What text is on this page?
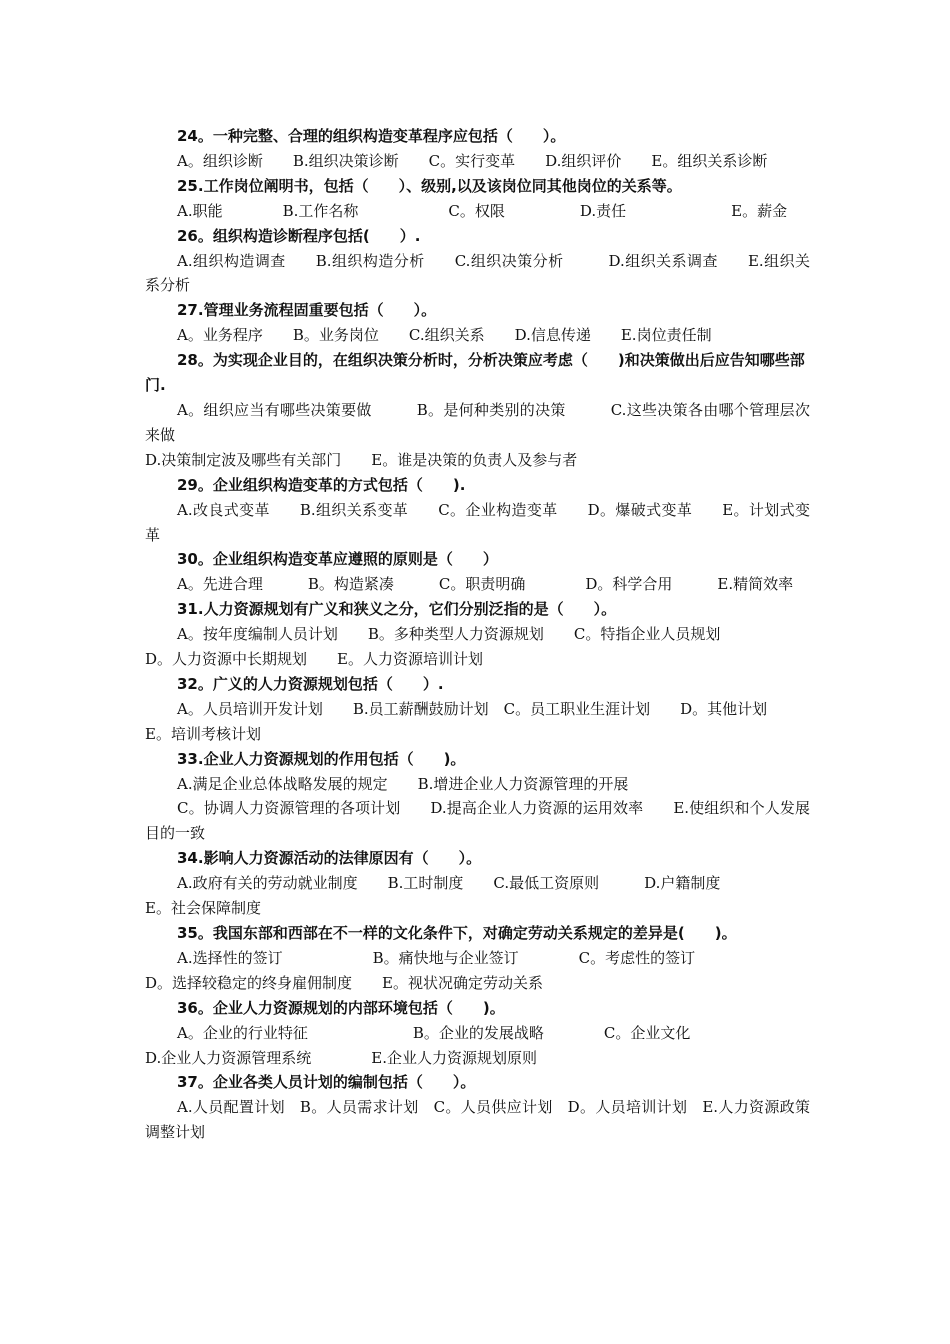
24。一种完整、合理的组织构造变革程序应包括（　　）。
A。组织诊断   B.组织决策诊断   C。实行变革   D.组织评价   E。组织关系诊断
25.工作岗位阐明书，包括（　　）、级别,以及该岗位同其他岗位的关系等。
A.职能    	B.工作名称      	C。权限     	D.责任       	E。薪金
26。组织构造诊断程序包括(　　）.
A.组织构造调查   B.组织构造分析   C.组织决策分析   	D.组织关系调查   E.组织关系分析
27.管理业务流程固重要包括（　　）。
A。业务程序   B。业务岗位   C.组织关系   D.信息传递   E.岗位责任制
28。为实现企业目的，在组织决策分析时，分析决策应考虑（　　)和决策做出后应告知哪些部门.
A。组织应当有哪些决策要做   	B。是何种类别的决策   	C.这些决策各由哪个管理层次来做
D.决策制定波及哪些有关部门   E。谁是决策的负责人及参与者
29。企业组织构造变革的方式包括（　　).
A.改良式变革   B.组织关系变革   C。企业构造变革   D。爆破式变革   E。计划式变革
30。企业组织构造变革应遵照的原则是（　　）
A。先进合理   	B。构造紧凑   	C。职责明确    	D。科学合用   	E.精简效率
31.人力资源规划有广义和狭义之分，它们分别泛指的是（　　）。
A。按年度编制人员计划   B。多种类型人力资源规划   C。特指企业人员规划
D。人力资源中长期规划   E。人力资源培训计划
32。广义的人力资源规划包括（　　）.
A。人员培训开发计划   B.员工薪酬鼓励计划  C。员工职业生涯计划   D。其他计划
E。培训考核计划
33.企业人力资源规划的作用包括（　　)。
A.满足企业总体战略发展的规定   B.增进企业人力资源管理的开展
C。协调人力资源管理的各项计划   D.提高企业人力资源的运用效率   E.使组织和个人发展目的一致
34.影响人力资源活动的法律原因有（　　）。
A.政府有关的劳动就业制度   B.工时制度   C.最低工资原则   	D.户籍制度
E。社会保障制度
35。我国东部和西部在不一样的文化条件下，对确定劳动关系规定的差异是(　　)。
A.选择性的签订      	B。痛快地与企业签订    	C。考虑性的签订
D。选择较稳定的终身雇佣制度   E。视状况确定劳动关系
36。企业人力资源规划的内部环境包括（　　)。
A。企业的行业特征       	B。企业的发展战略    	C。企业文化
D.企业人力资源管理系统    	E.企业人力资源规划原则
37。企业各类人员计划的编制包括（　　）。
A.人员配置计划  B。人员需求计划  C。人员供应计划  D。人员培训计划  E.人力资源政策调整计划
